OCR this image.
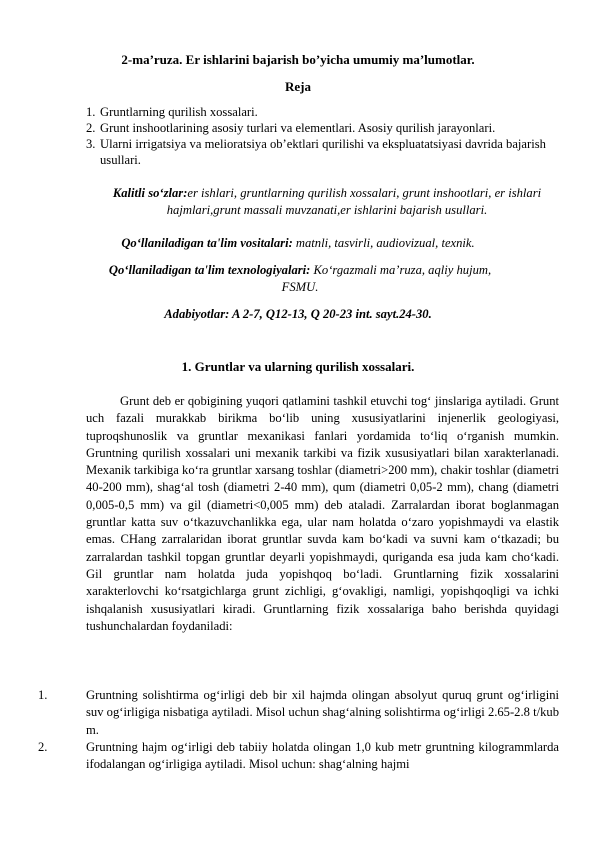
2-ma’ruza. Er ishlarini bajarish bo’yicha umumiy ma’lumotlar.
Reja
1. Gruntlarning qurilish xossalari.
2. Grunt inshootlarining asosiy turlari va elementlari. Asosiy qurilish jarayonlari.
3. Ularni irrigatsiya va melioratsiya ob’ektlari qurilishi va ekspluatatsiyasi davrida bajarish usullari.
Kalitli so‘zlar:er ishlari, gruntlarning qurilish xossalari, grunt inshootlari, er ishlari hajmlari,grunt massali muvzanati,er ishlarini bajarish usullari.
Qo‘llaniladigan ta'lim vositalari: matnli, tasvirli, audiovizual, texnik.
Qo‘llaniladigan ta'lim texnologiyalari: Ko‘rgazmali ma’ruza, aqliy hujum, FSMU.
Adabiyotlar: A 2-7, Q12-13, Q 20-23 int. sayt.24-30.
1. Gruntlar va ularning qurilish xossalari.
Grunt deb er qobigining yuqori qatlamini tashkil etuvchi tog‘ jinslariga aytiladi. Grunt uch fazali murakkab birikma bo‘lib uning xususiyatlarini injenerlik geologiyasi, tuproqshunoslik va gruntlar mexanikasi fanlari yordamida to‘liq o‘rganish mumkin. Gruntning qurilish xossalari uni mexanik tarkibi va fizik xususiyatlari bilan xarakterlanadi. Mexanik tarkibiga ko‘ra gruntlar xarsang toshlar (diametri>200 mm), chakir toshlar (diametri 40-200 mm), shag‘al tosh (diametri 2-40 mm), qum (diametri 0,05-2 mm), chang (diametri 0,005-0,5 mm) va gil (diametri<0,005 mm) deb ataladi. Zarralardan iborat boglanmagan gruntlar katta suv o‘tkazuvchanlikka ega, ular nam holatda o‘zaro yopishmaydi va elastik emas. CHang zarralaridan iborat gruntlar suvda kam bo‘kadi va suvni kam o‘tkazadi; bu zarralardan tashkil topgan gruntlar deyarli yopishmaydi, quriganda esa juda kam cho‘kadi. Gil gruntlar nam holatda juda yopishqoq bo‘ladi. Gruntlarning fizik xossalarini xarakterlovchi ko‘rsatgichlarga grunt zichligi, g‘ovakligi, namligi, yopishqoqligi va ichki ishqalanish xususiyatlari kiradi. Gruntlarning fizik xossalariga baho berishda quyidagi tushunchalardan foydaniladi:
1.	Gruntning solishtirma og‘irligi deb bir xil hajmda olingan absolyut quruq grunt og‘irligini suv og‘irligiga nisbatiga aytiladi. Misol uchun shag‘alning solishtirma og‘irligi 2.65-2.8 t/kub m.
2.	Gruntning hajm og‘irligi deb tabiiy holatda olingan 1,0 kub metr gruntning kilogrammlarda ifodalangan og‘irligiga aytiladi. Misol uchun: shag‘alning hajmi
